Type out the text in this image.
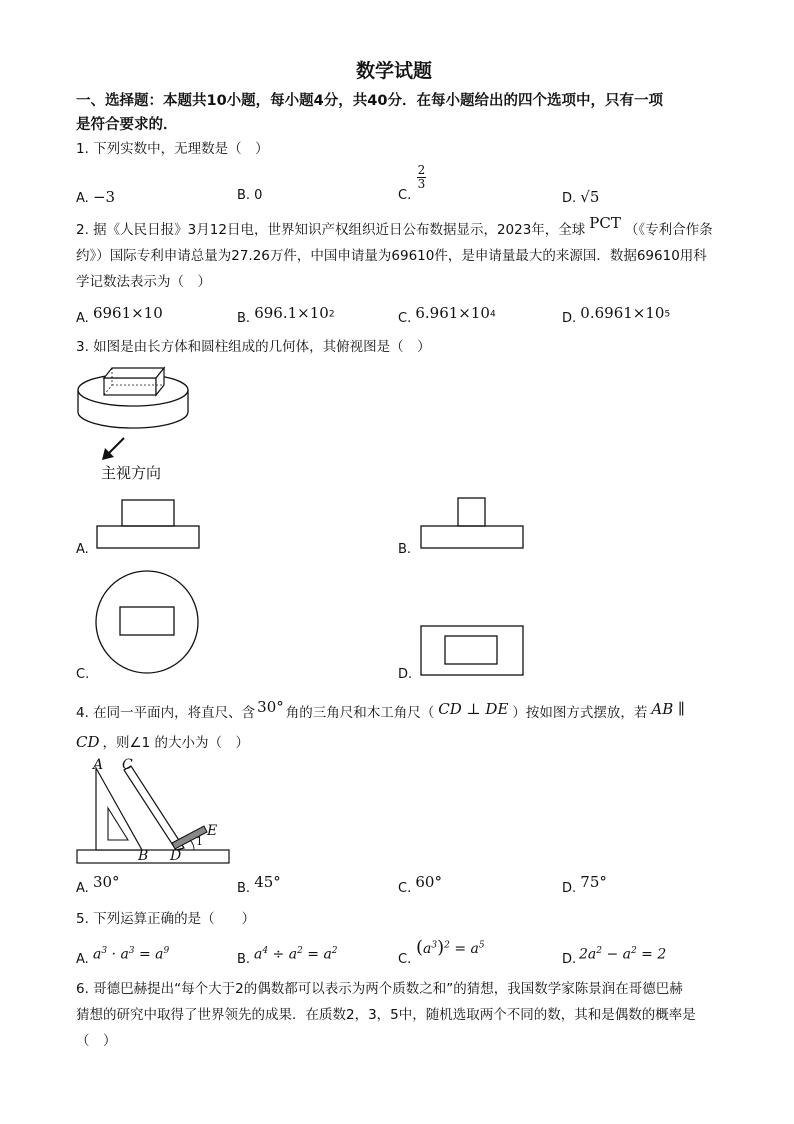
数学试题
一、选择题：本题共10小题，每小题4分，共40分．在每小题给出的四个选项中，只有一项
是符合要求的．
1. 下列实数中，无理数是（　）
A. −3	B. 0	C.
$\frac{2}{3}$
D. √5
2. 据《人民日报》3月12日电，世界知识产权组织近日公布数据显示，2023年，全球 PCT （《专利合作条
约》）国际专利申请总量为27.26万件，中国申请量为69610件，是申请量最大的来源国．数据69610用科
学记数法表示为（　）
A. 6961×10	B. $696.1\times 10^2$	C. $6.961\times 10^4$	D. $0.6961\times 10^5$
3. 如图是由长方体和圆柱组成的几何体，其俯视图是（　）
主视方向
A.	B.
C.	D.
4. 在同一平面内，将直尺、含 30° 角的三角尺和木工角尺（ CD ⊥ DE ）按如图方式摆放，若 AB ∥
CD ，则∠1 的大小为（　）
A C
E
1
B D
A. 30°	B. 45°	C. 60°	D. 75°
5. 下列运算正确的是（　　）
A. $a^3 \cdot a^3 = a^9$
B. $a^4 \div a^2 = a^2$
C.
$(a^3)^2 = a^5$
D. $2a^2 - a^2 = 2$
6. 哥德巴赫提出“每个大于2的偶数都可以表示为两个质数之和”的猜想，我国数学家陈景润在哥德巴赫
猜想的研究中取得了世界领先的成果．在质数2，3，5中，随机选取两个不同的数，其和是偶数的概率是
（　）
